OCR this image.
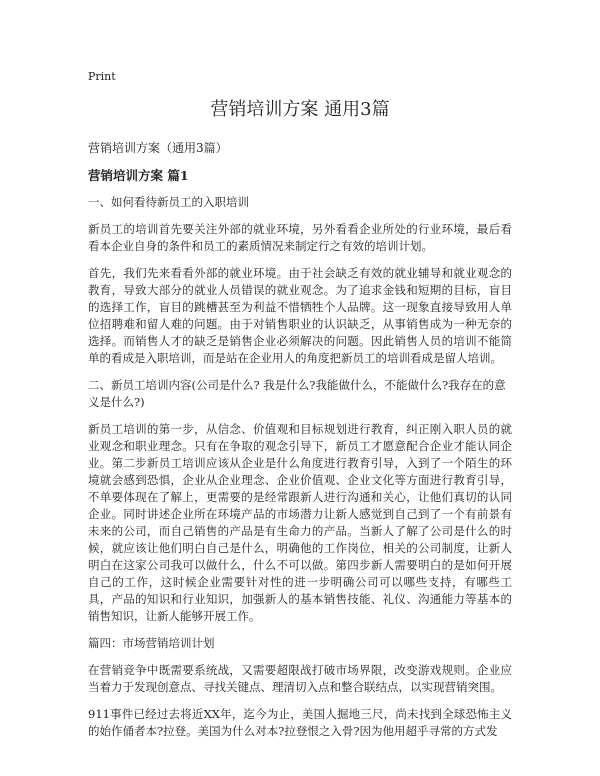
Print
营销培训方案 通用3篇
营销培训方案（通用3篇）
营销培训方案 篇1
一、如何看待新员工的入职培训

新员工的培训首先要关注外部的就业环境，另外看看企业所处的行业环境，最后看看本企业自身的条件和员工的素质情况来制定行之有效的培训计划。

首先，我们先来看看外部的就业环境。由于社会缺乏有效的就业辅导和就业观念的教育，导致大部分的就业人员错误的就业观念。为了追求金钱和短期的目标，盲目的选择工作，盲目的跳槽甚至为利益不惜牺牲个人品牌。这一现象直接导致用人单位招聘难和留人难的问题。由于对销售职业的认识缺乏，从事销售成为一种无奈的选择。而销售人才的缺乏是销售企业必须解决的问题。因此销售人员的培训不能简单的看成是入职培训，而是站在企业用人的角度把新员工的培训看成是留人培训。

二、新员工培训内容(公司是什么? 我是什么?我能做什么，不能做什么?我存在的意义是什么?)

新员工培训的第一步，从信念、价值观和目标规划进行教育，纠正刚入职人员的就业观念和职业理念。只有在争取的观念引导下，新员工才愿意配合企业才能认同企业。第二步新员工培训应该从企业是什么角度进行教育引导，入到了一个陌生的环境就会感到恐惧，企业从企业理念、企业价值观、企业文化等方面进行教育引导，不单要体现在了解上，更需要的是经常跟新人进行沟通和关心，让他们真切的认同企业。同时讲述企业所在环境产品的市场潜力让新人感觉到自己到了一个有前景有未来的公司，而自己销售的产品是有生命力的产品。当新人了解了公司是什么的时候，就应该让他们明白自己是什么，明确他的工作岗位，相关的公司制度，让新人明白在这家公司我可以做什么，什么不可以做。第四步新人需要明白的是如何开展自己的工作，这时候企业需要针对性的进一步明确公司可以哪些支持，有哪些工具，产品的知识和行业知识，加强新人的基本销售技能、礼仪、沟通能力等基本的销售知识，让新人能够开展工作。

篇四：市场营销培训计划

在营销竞争中既需要系统战，又需要超限战打破市场界限，改变游戏规则。企业应当着力于发现创意点、寻找关键点、理清切入点和整合联结点，以实现营销突围。

911事件已经过去将近XX年，迄今为止，美国人掘地三尺，尚未找到全球恐怖主义的始作俑者本?拉登。美国为什么对本?拉登恨之入骨?因为他用超乎寻常的方式发
